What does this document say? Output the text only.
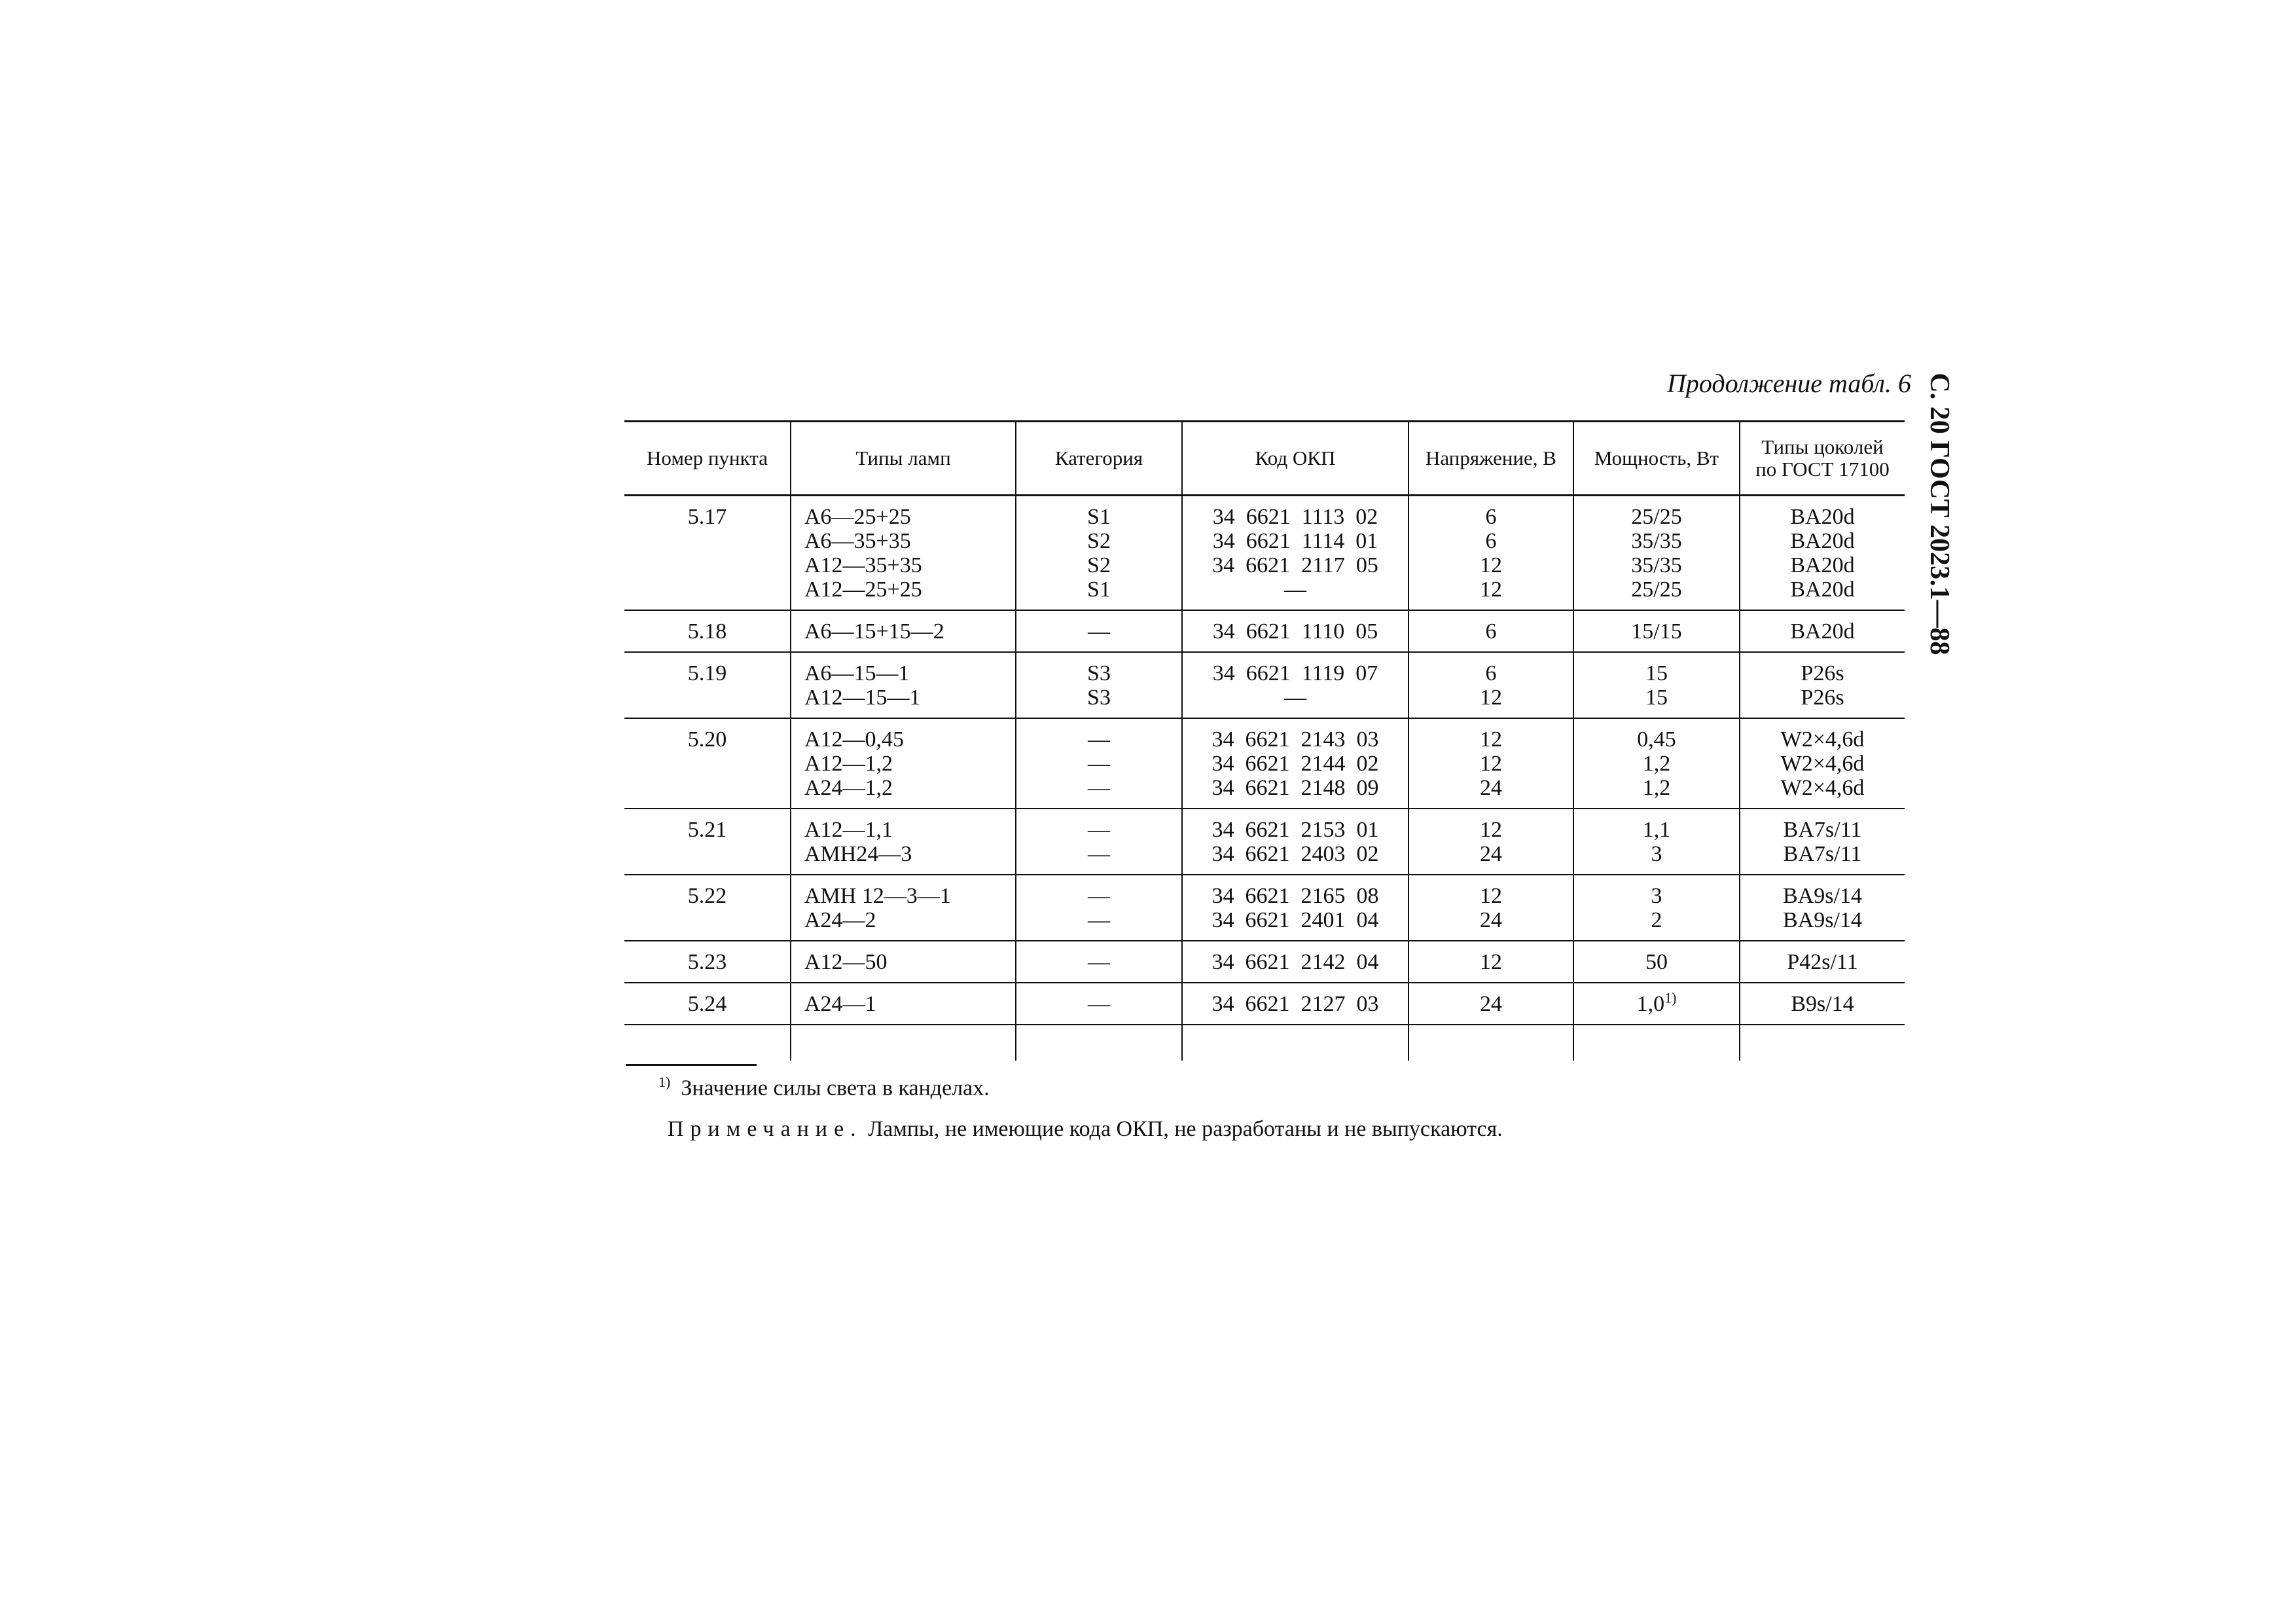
Продолжение табл. 6 С. 20 ГОСТ 2023.1—88
Номер пункта	Типы ламп	Категория	Код ОКП	Напряжение, В	Мощность, Вт	Типы цоколей по ГОСТ 17100

5.17	А6—25+25
А6—35+35
А12—35+35
А12—25+25	S1
S2
S2
S1	34  6621  1113  02
34  6621  1114  01
34  6621  2117  05
—	6
6
12
12	25/25
35/35
35/35
25/25	BA20d
BA20d
BA20d
BA20d

5.18	А6—15+15—2	—	34  6621  1110  05	6	15/15	BA20d

5.19	А6—15—1
А12—15—1	S3
S3	34  6621  1119  07
—	6
12	15
15	P26s
P26s

5.20	А12—0,45
А12—1,2
А24—1,2	—
—
—	34  6621  2143  03
34  6621  2144  02
34  6621  2148  09	12
12
24	0,45
1,2
1,2	W2×4,6d
W2×4,6d
W2×4,6d

5.21	А12—1,1
АМН24—3	—
—	34  6621  2153  01
34  6621  2403  02	12
24	1,1
3	BA7s/11
BA7s/11

5.22	АМН 12—3—1
А24—2	—
—	34  6621  2165  08
34  6621  2401  04	12
24	3
2	BA9s/14
BA9s/14

5.23	А12—50	—	34  6621  2142  04	12	50	P42s/11

5.24	А24—1	—	34  6621  2127  03	24	1,0$^{1)}$	B9s/14

$^{1)}$ Значение силы света в канделах.
Примечание. Лампы, не имеющие кода ОКП, не разработаны и не выпускаются.
